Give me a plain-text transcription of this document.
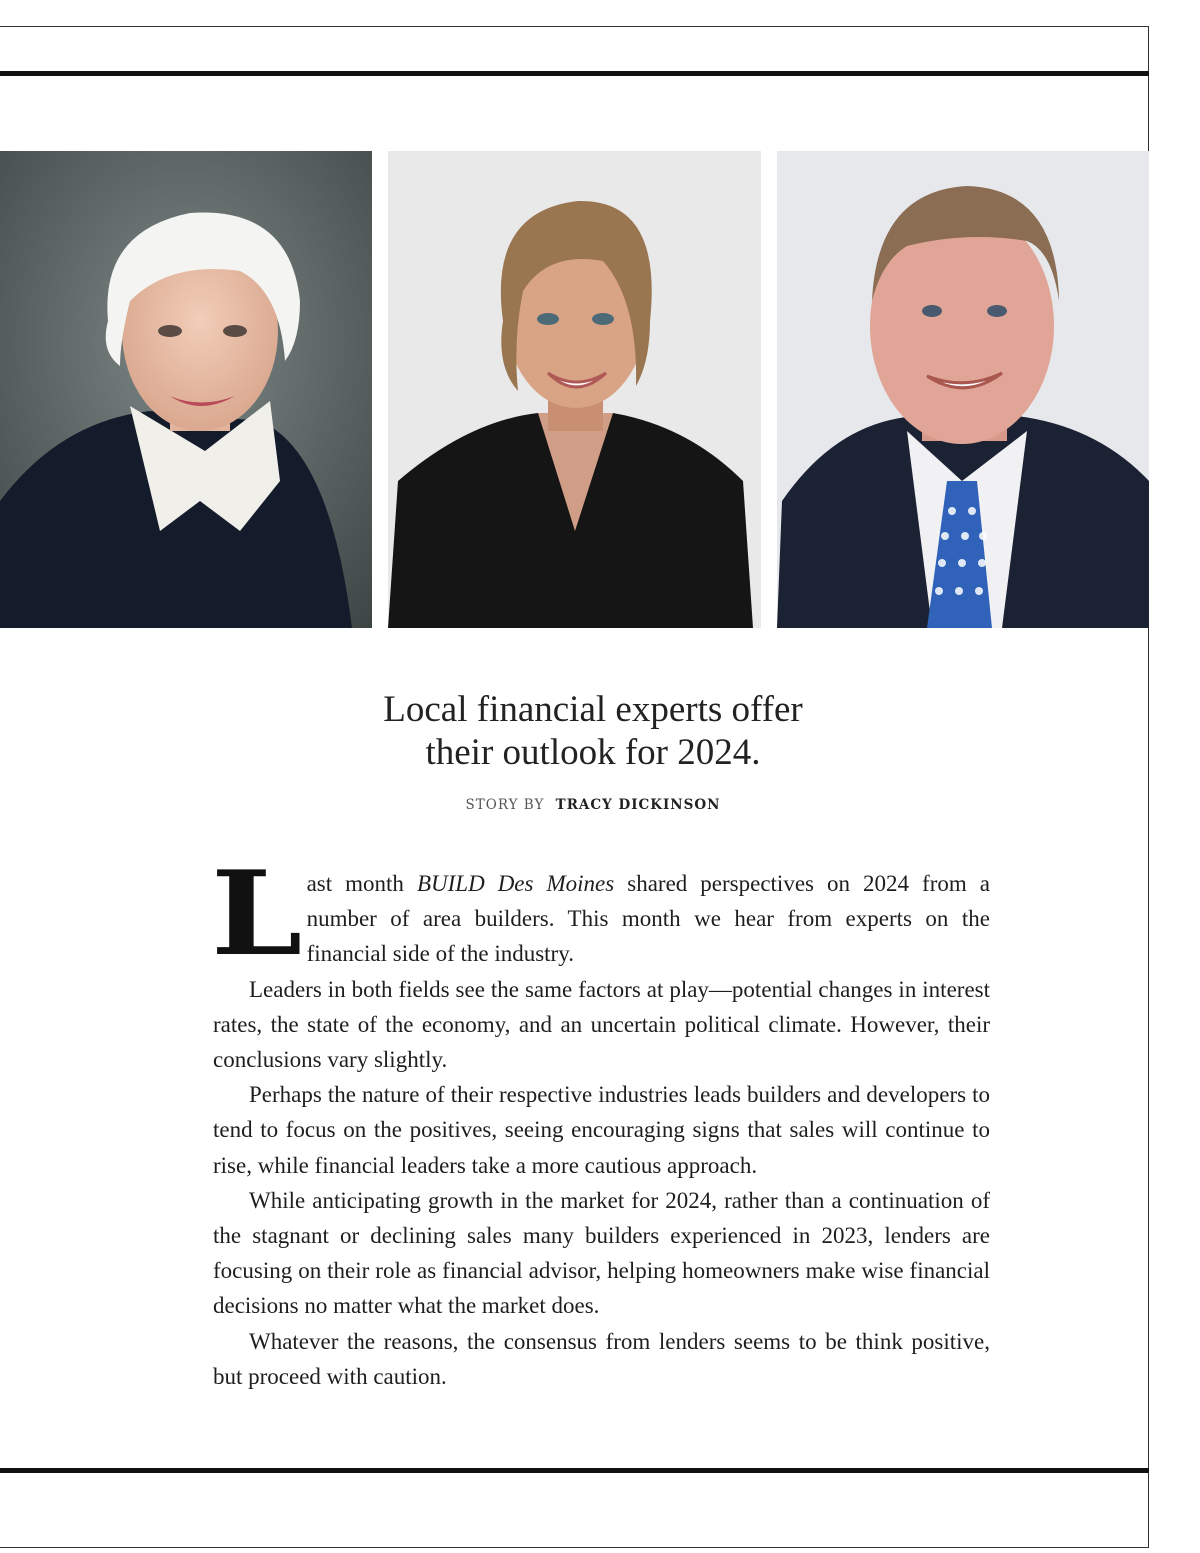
Local financial experts offer
their outlook for 2024.
STORY BY TRACY DICKINSON

Last month BUILD Des Moines shared perspectives on 2024 from a number of area builders. This month we hear from experts on the financial side of the industry.

Leaders in both fields see the same factors at play—potential changes in interest rates, the state of the economy, and an uncertain political climate. However, their conclusions vary slightly.

Perhaps the nature of their respective industries leads builders and developers to tend to focus on the positives, seeing encouraging signs that sales will continue to rise, while financial leaders take a more cautious approach.

While anticipating growth in the market for 2024, rather than a continuation of the stagnant or declining sales many builders experienced in 2023, lenders are focusing on their role as financial advisor, helping homeowners make wise financial decisions no matter what the market does.

Whatever the reasons, the consensus from lenders seems to be think positive, but proceed with caution.
